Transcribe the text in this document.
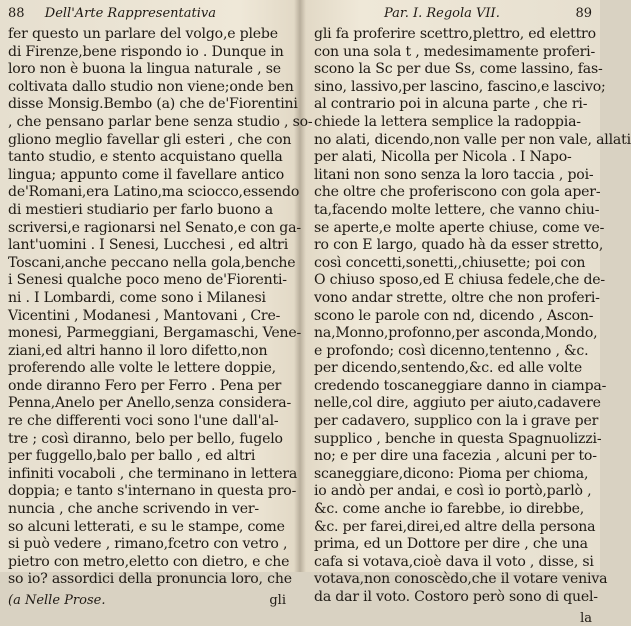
88 Dell'Arte Rappresentativa
fer questo un parlare del volgo,e plebe
di Firenze,bene rispondo io . Dunque in
loro non è buona la lingua naturale , se
coltivata dallo studio non viene;onde ben
disse Monsig.Bembo (a) che de'Fiorentini
, che pensano parlar bene senza studio , so-
gliono meglio favellar gli esteri , che con
tanto studio, e stento acquistano quella
lingua; appunto come il favellare antico
de'Romani,era Latino,ma sciocco,essendo
di mestieri studiario per farlo buono a
scriversi,e ragionarsi nel Senato,e con ga-
lant'uomini . I Senesi, Lucchesi , ed altri
Toscani,anche peccano nella gola,benche
i Senesi qualche poco meno de'Fiorenti-
ni . I Lombardi, come sono i Milanesi
Vicentini , Modanesi , Mantovani , Cre-
monesi, Parmeggiani, Bergamaschi, Vene-
ziani,ed altri hanno il loro difetto,non
proferendo alle volte le lettere doppie,
onde diranno Fero per Ferro . Pena per
Penna,Anelo per Anello,senza considera-
re che differenti voci sono l'une dall'al-
tre ; così diranno, belo per bello, fugelo
per fuggello,balo per ballo , ed altri
infiniti vocaboli , che terminano in lettera
doppia; e tanto s'internano in questa pro-
nuncia , che anche scrivendo in ver-
so alcuni letterati, e su le stampe, come
si può vedere , rimano,fcetro con vetro ,
pietro con metro,eletto con dietro, e che
so io? assordici della pronuncia loro, che
(a Nelle Prose.	gli
Par. I. Regola VII.	89
gli fa proferire scettro,plettro, ed elettro
con una sola t , medesimamente proferi-
scono la Sc per due Ss, come lassino, fas-
sino, lassivo,per lascino, fascino,e lascivo;
al contrario poi in alcuna parte , che ri-
chiede la lettera semplice la radoppia-
no alati, dicendo,non valle per non vale, allati
per alati, Nicolla per Nicola . I Napo-
litani non sono senza la loro taccia , poi-
che oltre che proferiscono con gola aper-
ta,facendo molte lettere, che vanno chiu-
se aperte,e molte aperte chiuse, come ve-
ro con E largo, quado hà da esser stretto,
così concetti,sonetti,,chiusette; poi con
O chiuso sposo,ed E chiusa fedele,che de-
vono andar strette, oltre che non proferi-
scono le parole con nd, dicendo , Ascon-
na,Monno,profonno,per asconda,Mondo,
e profondo; così dicenno,tentenno , &c.
per dicendo,sentendo,&c. ed alle volte
credendo toscaneggiare danno in ciampa-
nelle,col dire, aggiuto per aiuto,cadavere
per cadavero, supplico con la i grave per
supplico , benche in questa Spagnuolizzi-
no; e per dire una facezia , alcuni per to-
scaneggiare,dicono: Pioma per chioma,
io andò per andai, e così io portò,parlò ,
&c. come anche io farebbe, io direbbe,
&c. per farei,direi,ed altre della persona
prima, ed un Dottore per dire , che una
cafa si votava,cioè dava il voto , disse, si
votava,non conoscèdo,che il votare veniva
da dar il voto. Costoro però sono di quel-
la
